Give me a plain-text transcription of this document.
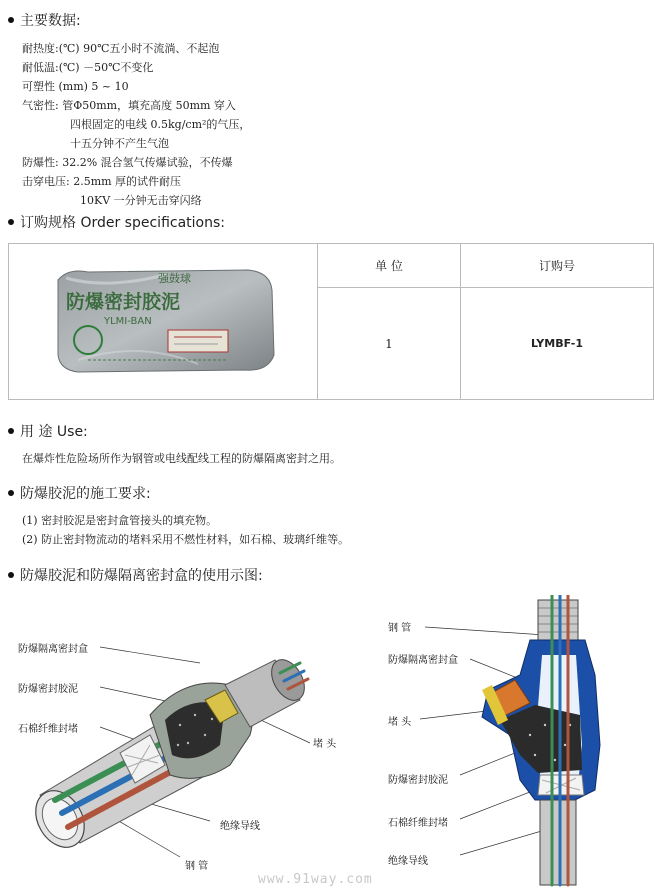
主要数据:
耐热度:(℃) 90℃五小时不流淌、不起泡
耐低温:(℃) －50℃不变化
可塑性 (mm) 5 ~ 10
气密性: 管Φ50mm，填充高度 50mm 穿入
四根固定的电线 0.5kg/cm²的气压，
十五分钟不产生气泡
防爆性: 32.2% 混合氢气传爆试验，不传爆
击穿电压: 2.5mm 厚的试件耐压
10KV 一分钟无击穿闪络
订购规格 Order specifications:
强鼓球
防爆密封胶泥
YLMI-BAN	单 位	订购号
	1	LYMBF-1
用 途 Use:
在爆炸性危险场所作为钢管或电线配线工程的防爆隔离密封之用。
防爆胶泥的施工要求:
(1) 密封胶泥是密封盒管接头的填充物。
(2) 防止密封物流动的堵料采用不燃性材料，如石棉、玻璃纤维等。
防爆胶泥和防爆隔离密封盒的使用示图:
防爆隔离密封盒
防爆密封胶泥
石棉纤维封堵
堵 头
绝缘导线
钢 管
钢 管
防爆隔离密封盒
堵 头
防爆密封胶泥
石棉纤维封堵
绝缘导线
www.91way.com
